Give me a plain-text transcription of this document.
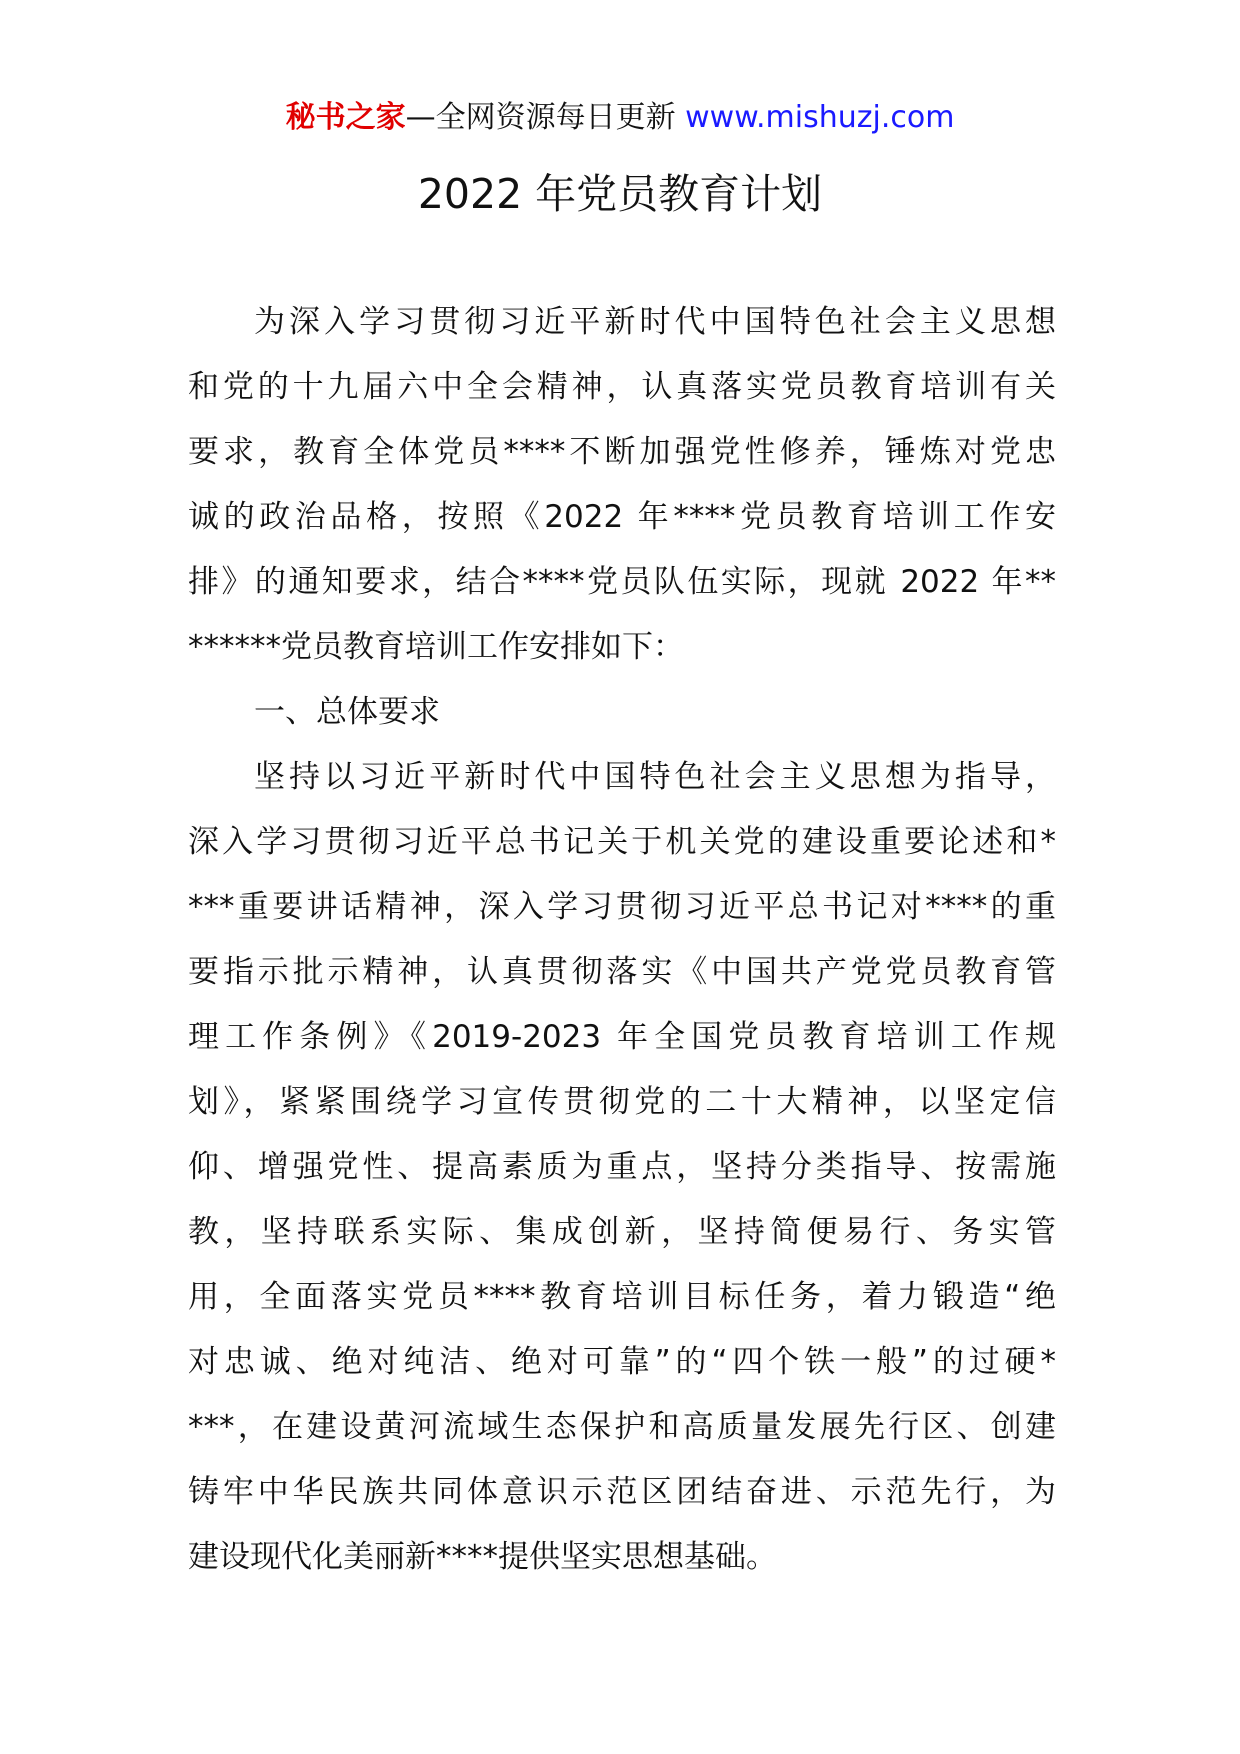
秘书之家—全网资源每日更新 www.mishuzj.com
2022 年党员教育计划
为深入学习贯彻习近平新时代中国特色社会主义思想
和党的十九届六中全会精神，认真落实党员教育培训有关
要求，教育全体党员****不断加强党性修养，锤炼对党忠
诚的政治品格，按照《2022 年****党员教育培训工作安
排》的通知要求，结合****党员队伍实际，现就 2022 年**
******党员教育培训工作安排如下：
一、总体要求
坚持以习近平新时代中国特色社会主义思想为指导，
深入学习贯彻习近平总书记关于机关党的建设重要论述和*
***重要讲话精神，深入学习贯彻习近平总书记对****的重
要指示批示精神，认真贯彻落实《中国共产党党员教育管
理工作条例》《2019-2023 年全国党员教育培训工作规
划》，紧紧围绕学习宣传贯彻党的二十大精神，以坚定信
仰、增强党性、提高素质为重点，坚持分类指导、按需施
教，坚持联系实际、集成创新，坚持简便易行、务实管
用，全面落实党员****教育培训目标任务，着力锻造“绝
对忠诚、绝对纯洁、绝对可靠”的“四个铁一般”的过硬*
***，在建设黄河流域生态保护和高质量发展先行区、创建
铸牢中华民族共同体意识示范区团结奋进、示范先行，为
建设现代化美丽新****提供坚实思想基础。
